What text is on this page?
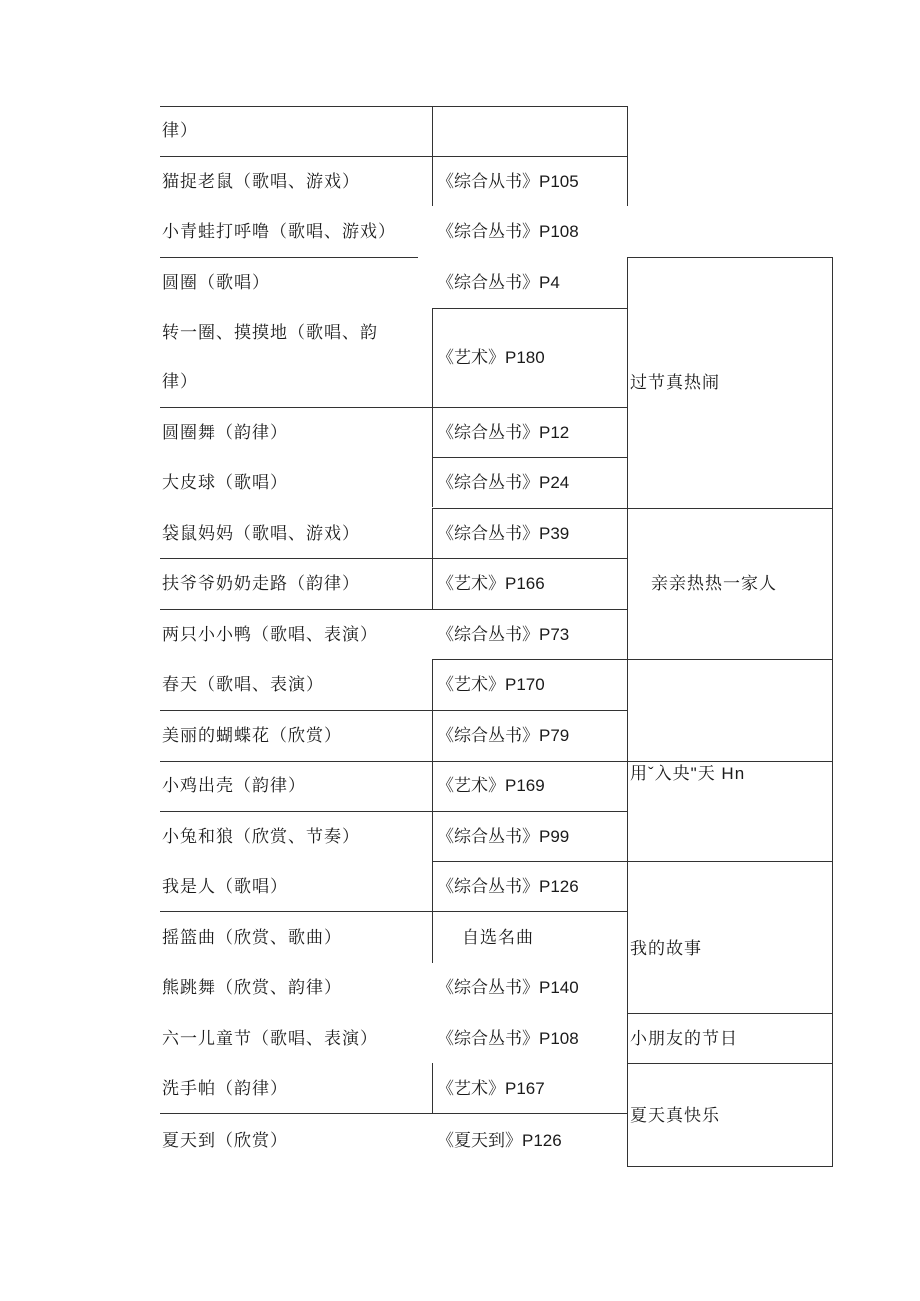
律）
猫捉老鼠（歌唱、游戏）
小青蛙打呼噜（歌唱、游戏）
圆圈（歌唱）
转一圈、摸摸地（歌唱、韵
律）
圆圈舞（韵律）
大皮球（歌唱）
袋鼠妈妈（歌唱、游戏）
扶爷爷奶奶走路（韵律）
两只小小鸭（歌唱、表演）
春天（歌唱、表演）
美丽的蝴蝶花（欣赏）
小鸡出壳（韵律）
小兔和狼（欣赏、节奏）
我是人（歌唱）
摇篮曲（欣赏、歌曲）
熊跳舞（欣赏、韵律）
六一儿童节（歌唱、表演）
洗手帕（韵律）
夏天到（欣赏）
《综合从书》P105
《综合丛书》P108
《综合丛书》P4
《艺术》P180
《综合丛书》P12
《综合丛书》P24
《综合丛书》P39
《艺术》P166
《综合丛书》P73
《艺术》P170
《综合丛书》P79
《艺术》P169
《综合丛书》P99
《综合丛书》P126
自选名曲
《综合丛书》P140
《综合丛书》P108
《艺术》P167
《夏天到》P126
过节真热闹
亲亲热热一家人
用ˇ入央"天 Hn
我的故事
小朋友的节日
夏天真快乐
